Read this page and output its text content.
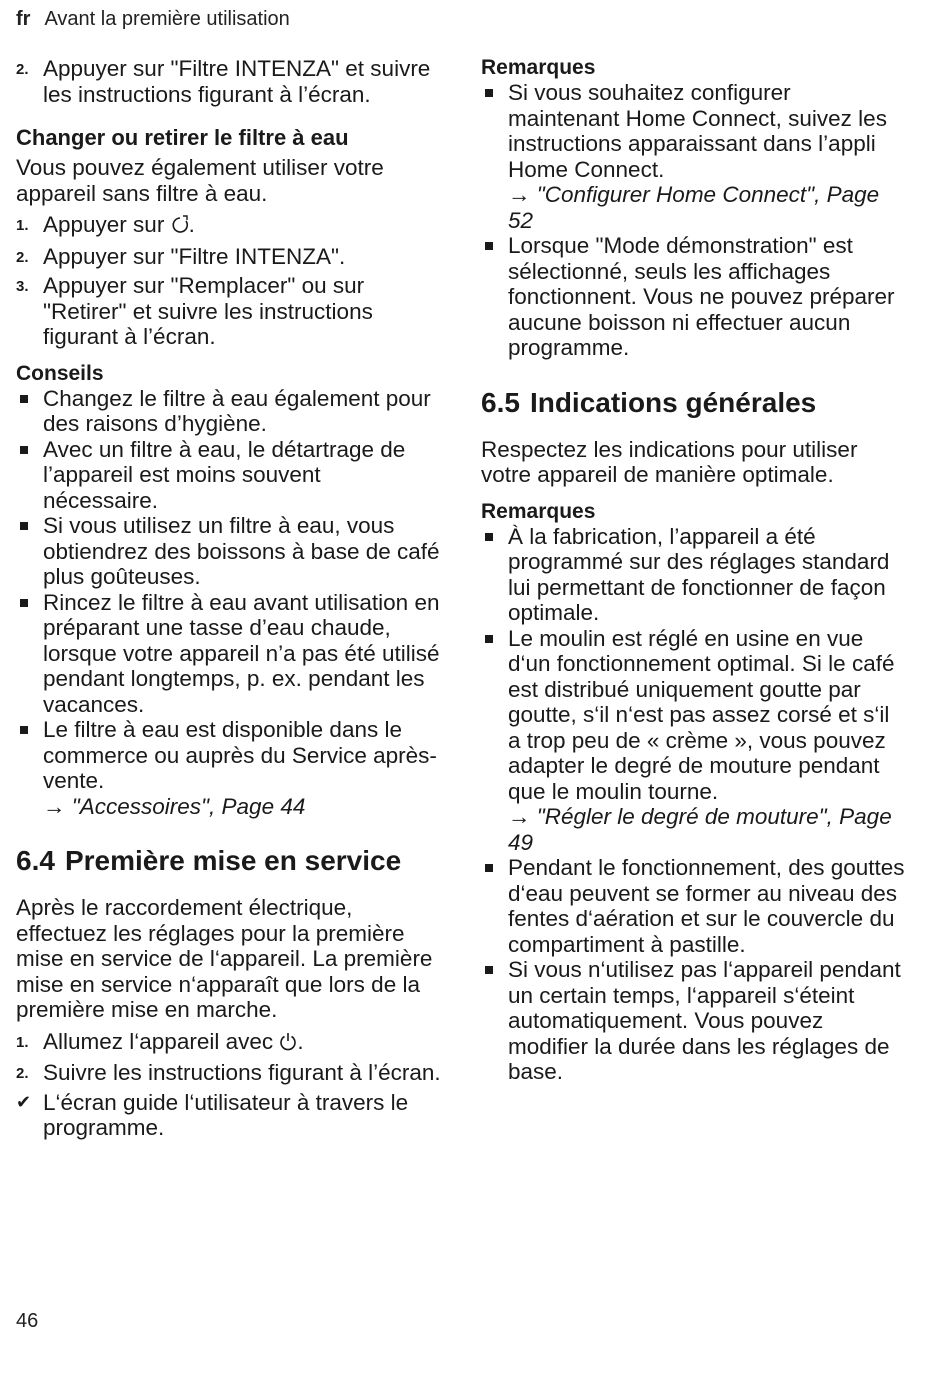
fr Avant la première utilisation
2. Appuyer sur "Filtre INTENZA" et suivre les instructions figurant à l’écran.
Changer ou retirer le filtre à eau

Vous pouvez également utiliser votre appareil sans filtre à eau.

1. Appuyer sur .
2. Appuyer sur "Filtre INTENZA".
3. Appuyer sur "Remplacer" ou sur "Retirer" et suivre les instructions figurant à l’écran.
Conseils
Changez le filtre à eau également pour des raisons d’hygiène.
Avec un filtre à eau, le détartrage de l’appareil est moins souvent nécessaire.
Si vous utilisez un filtre à eau, vous obtiendrez des boissons à base de café plus goûteuses.
Rincez le filtre à eau avant utilisation en préparant une tasse d’eau chaude, lorsque votre appareil n’a pas été utilisé pendant longtemps, p. ex. pendant les vacances.
Le filtre à eau est disponible dans le commerce ou auprès du Service après-vente.
→ "Accessoires", Page 44
6.4 Première mise en service

Après le raccordement électrique, effectuez les réglages pour la première mise en service de l‘appareil. La première mise en service n‘apparaît que lors de la première mise en marche.

1. Allumez l‘appareil avec .
2. Suivre les instructions figurant à l’écran.
✔ L‘écran guide l‘utilisateur à travers le programme.
Remarques
Si vous souhaitez configurer maintenant Home Connect, suivez les instructions apparaissant dans l’appli Home Connect.
→ "Configurer Home Connect", Page 52
Lorsque "Mode démonstration" est sélectionné, seuls les affichages fonctionnent. Vous ne pouvez préparer aucune boisson ni effectuer aucun programme.
6.5 Indications générales

Respectez les indications pour utiliser votre appareil de manière optimale.

Remarques
À la fabrication, l’appareil a été programmé sur des réglages standard lui permettant de fonctionner de façon optimale.
Le moulin est réglé en usine en vue d‘un fonctionnement optimal. Si le café est distribué uniquement goutte par goutte, s‘il n‘est pas assez corsé et s‘il a trop peu de « crème », vous pouvez adapter le degré de mouture pendant que le moulin tourne.
→ "Régler le degré de mouture", Page 49
Pendant le fonctionnement, des gouttes d‘eau peuvent se former au niveau des fentes d‘aération et sur le couvercle du compartiment à pastille.
Si vous n‘utilisez pas l‘appareil pendant un certain temps, l‘appareil s‘éteint automatiquement. Vous pouvez modifier la durée dans les réglages de base.
46
